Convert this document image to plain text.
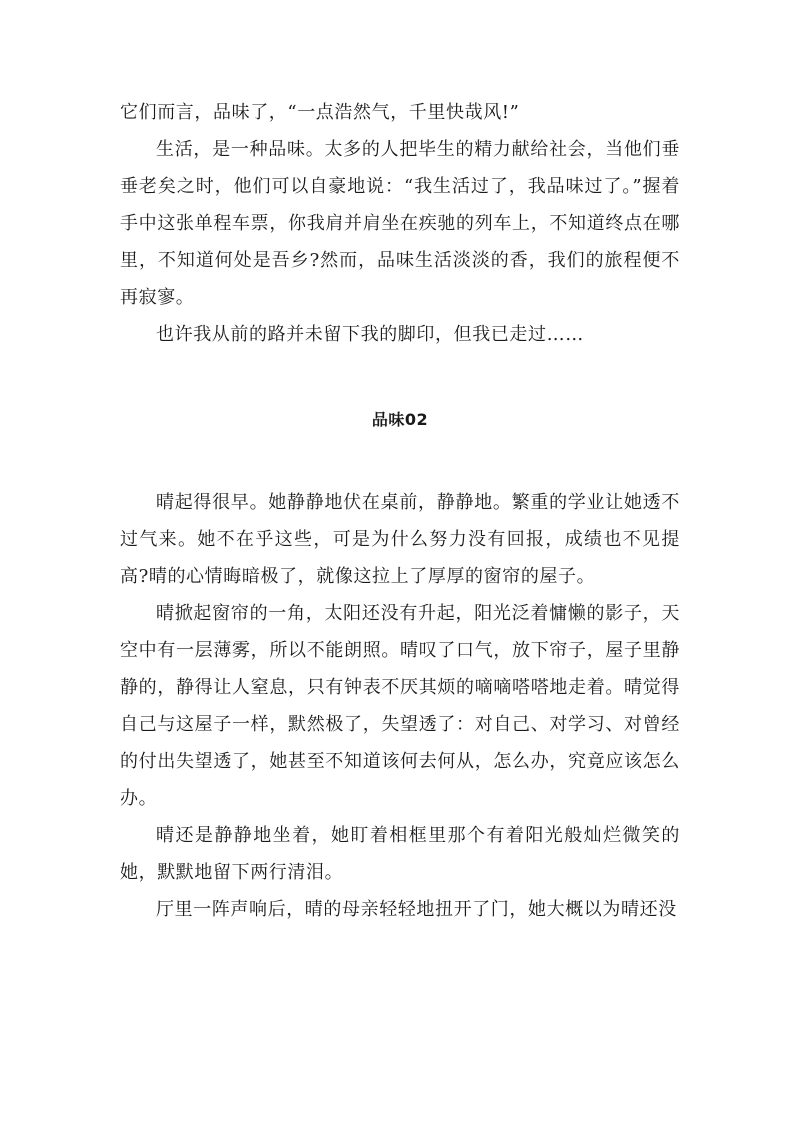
它们而言，品味了，“一点浩然气，千里快哉风!”

生活，是一种品味。太多的人把毕生的精力献给社会，当他们垂垂老矣之时，他们可以自豪地说：“我生活过了，我品味过了。”握着手中这张单程车票，你我肩并肩坐在疾驰的列车上，不知道终点在哪里，不知道何处是吾乡?然而，品味生活淡淡的香，我们的旅程便不再寂寥。

也许我从前的路并未留下我的脚印，但我已走过……

品味02

晴起得很早。她静静地伏在桌前，静静地。繁重的学业让她透不过气来。她不在乎这些，可是为什么努力没有回报，成绩也不见提高?晴的心情晦暗极了，就像这拉上了厚厚的窗帘的屋子。

晴掀起窗帘的一角，太阳还没有升起，阳光泛着慵懒的影子，天空中有一层薄雾，所以不能朗照。晴叹了口气，放下帘子，屋子里静静的，静得让人窒息，只有钟表不厌其烦的嘀嘀嗒嗒地走着。晴觉得自己与这屋子一样，默然极了，失望透了：对自己、对学习、对曾经的付出失望透了，她甚至不知道该何去何从，怎么办，究竟应该怎么办。

晴还是静静地坐着，她盯着相框里那个有着阳光般灿烂微笑的她，默默地留下两行清泪。

厅里一阵声响后，晴的母亲轻轻地扭开了门，她大概以为晴还没
